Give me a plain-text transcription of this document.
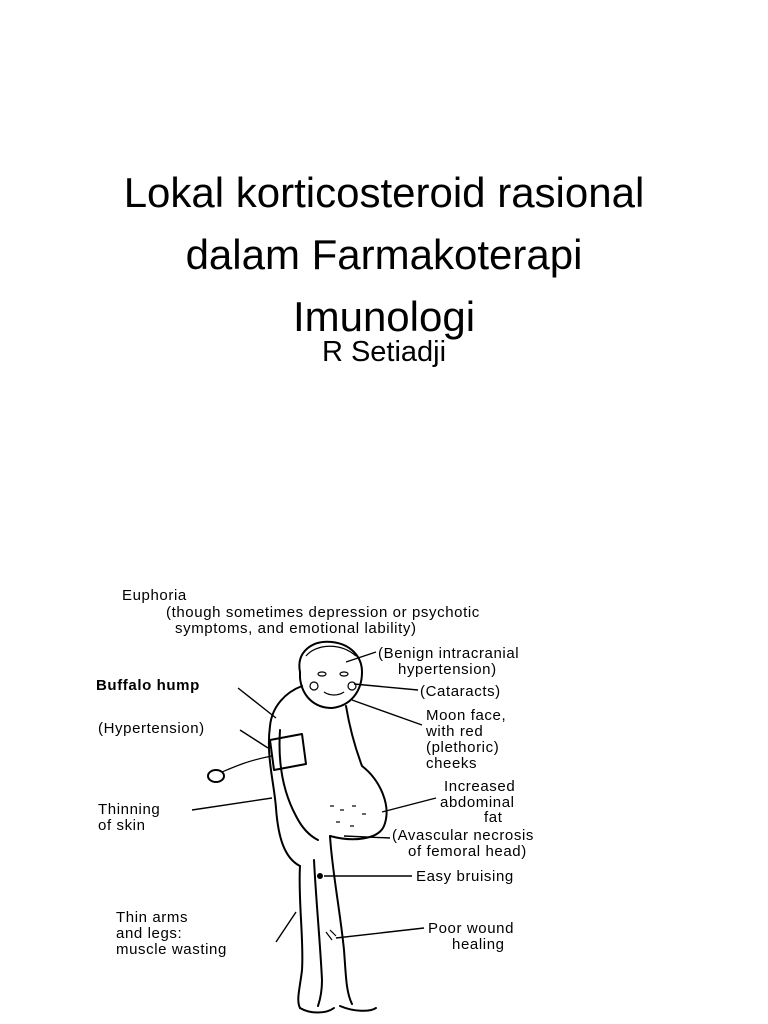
Lokal korticosteroid rasional
dalam Farmakoterapi
Imunologi
R Setiadji
Euphoria
(though sometimes depression or psychotic
symptoms, and emotional lability)
(Benign intracranial
hypertension)
Buffalo hump	(Cataracts)
(Hypertension)
Moon face,
with red
(plethoric)
cheeks
Increased
abdominal
fat
Thinning
of skin
(Avascular necrosis
of femoral head)
Easy bruising
Thin arms
and legs:
muscle wasting
Poor wound
healing
